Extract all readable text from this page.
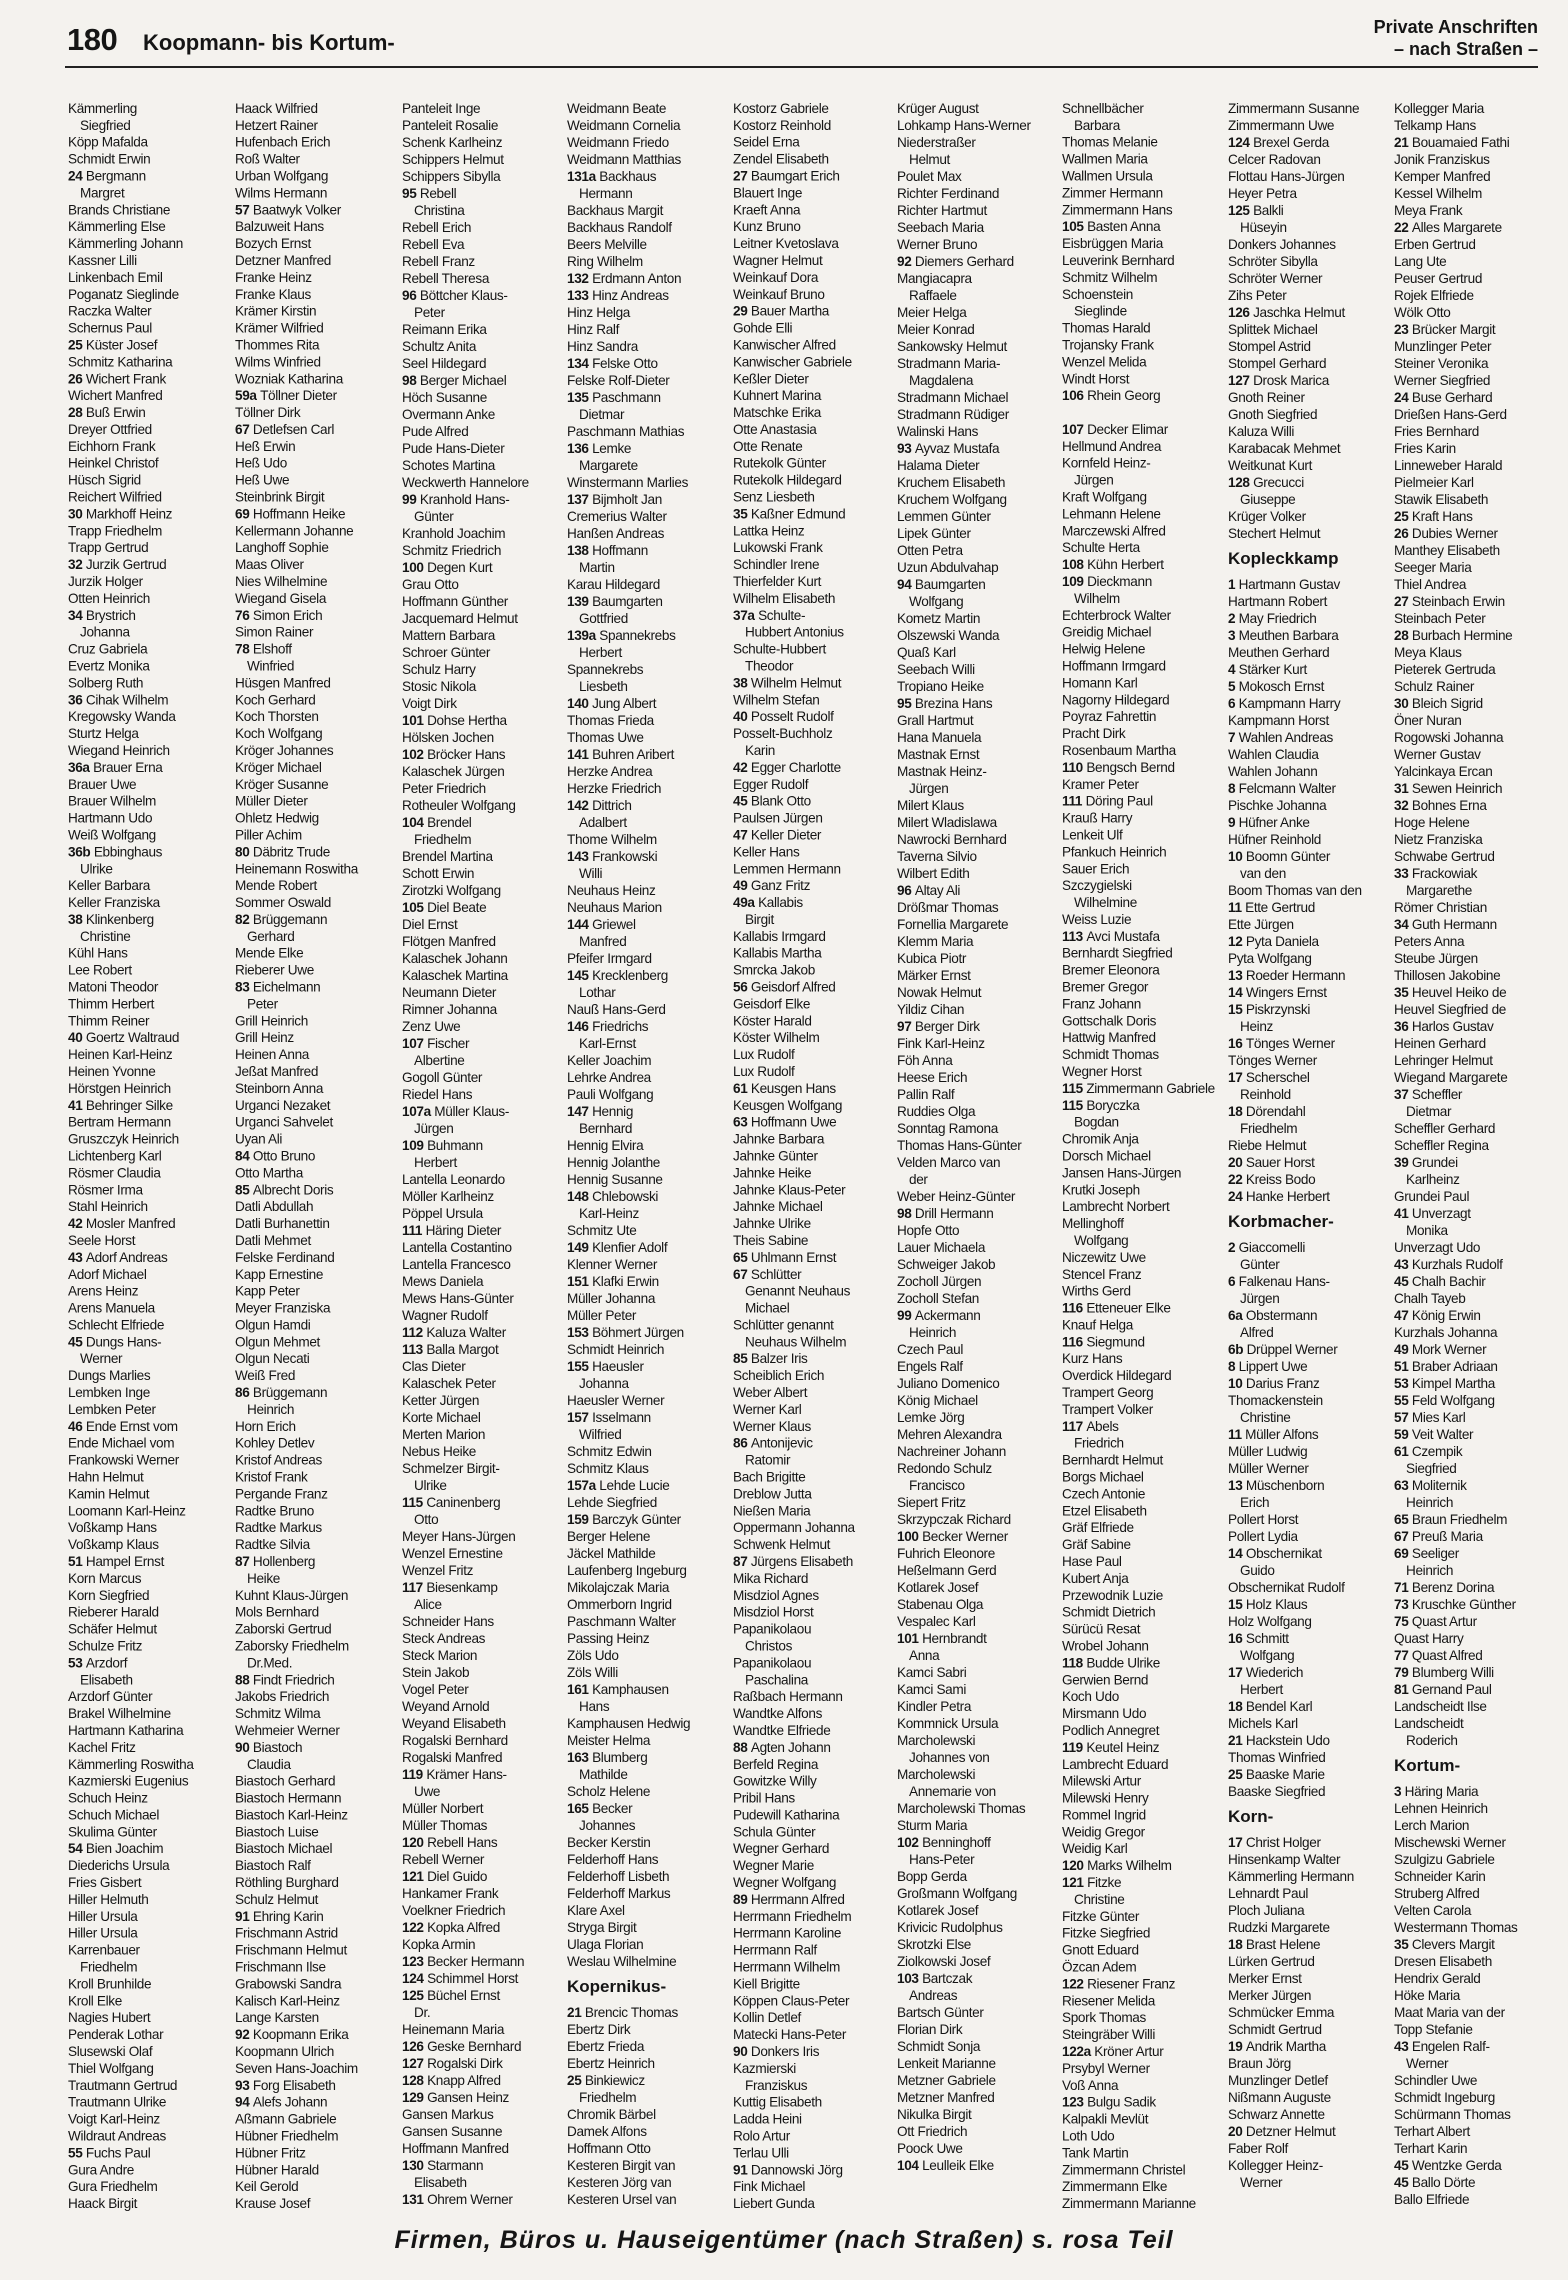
180 Koopmann- bis Kortum-
Private Anschriften
– nach Straßen –
Kämmerling
Siegfried
Köpp Mafalda
Schmidt Erwin
24 Bergmann
Margret
Brands Christiane
Kämmerling Else
Kämmerling Johann
Kassner Lilli
Linkenbach Emil
Poganatz Sieglinde
Raczka Walter
Schernus Paul
25 Küster Josef
Schmitz Katharina
26 Wichert Frank
Wichert Manfred
28 Buß Erwin
Dreyer Ottfried
Eichhorn Frank
Heinkel Christof
Hüsch Sigrid
Reichert Wilfried
30 Markhoff Heinz
Trapp Friedhelm
Trapp Gertrud
32 Jurzik Gertrud
Jurzik Holger
Otten Heinrich
34 Brystrich
Johanna
Cruz Gabriela
Evertz Monika
Solberg Ruth
36 Cihak Wilhelm
Kregowsky Wanda
Sturtz Helga
Wiegand Heinrich
36a Brauer Erna
Brauer Uwe
Brauer Wilhelm
Hartmann Udo
Weiß Wolfgang
36b Ebbinghaus
Ulrike
Keller Barbara
Keller Franziska
38 Klinkenberg
Christine
Kühl Hans
Lee Robert
Matoni Theodor
Thimm Herbert
Thimm Reiner
40 Goertz Waltraud
Heinen Karl-Heinz
Heinen Yvonne
Hörstgen Heinrich
41 Behringer Silke
Bertram Hermann
Gruszczyk Heinrich
Lichtenberg Karl
Rösmer Claudia
Rösmer Irma
Stahl Heinrich
42 Mosler Manfred
Seele Horst
43 Adorf Andreas
Adorf Michael
Arens Heinz
Arens Manuela
Schlecht Elfriede
45 Dungs Hans-
Werner
Dungs Marlies
Lembken Inge
Lembken Peter
46 Ende Ernst vom
Ende Michael vom
Frankowski Werner
Hahn Helmut
Kamin Helmut
Loomann Karl-Heinz
Voßkamp Hans
Voßkamp Klaus
51 Hampel Ernst
Korn Marcus
Korn Siegfried
Rieberer Harald
Schäfer Helmut
Schulze Fritz
53 Arzdorf
Elisabeth
Arzdorf Günter
Brakel Wilhelmine
Hartmann Katharina
Kachel Fritz
Kämmerling Roswitha
Kazmierski Eugenius
Schuch Heinz
Schuch Michael
Skulima Günter
54 Bien Joachim
Diederichs Ursula
Fries Gisbert
Hiller Helmuth
Hiller Ursula
Hiller Ursula
Karrenbauer
Friedhelm
Kroll Brunhilde
Kroll Elke
Nagies Hubert
Penderak Lothar
Slusewski Olaf
Thiel Wolfgang
Trautmann Gertrud
Trautmann Ulrike
Voigt Karl-Heinz
Wildraut Andreas
55 Fuchs Paul
Gura Andre
Gura Friedhelm
Haack Birgit
Haack Wilfried
Hetzert Rainer
Hufenbach Erich
Roß Walter
Urban Wolfgang
Wilms Hermann
57 Baatwyk Volker
Balzuweit Hans
Bozych Ernst
Detzner Manfred
Franke Heinz
Franke Klaus
Krämer Kirstin
Krämer Wilfried
Thommes Rita
Wilms Winfried
Wozniak Katharina
59a Töllner Dieter
Töllner Dirk
67 Detlefsen Carl
Heß Erwin
Heß Udo
Heß Uwe
Steinbrink Birgit
69 Hoffmann Heike
Kellermann Johanne
Langhoff Sophie
Maas Oliver
Nies Wilhelmine
Wiegand Gisela
76 Simon Erich
Simon Rainer
78 Elshoff
Winfried
Hüsgen Manfred
Koch Gerhard
Koch Thorsten
Koch Wolfgang
Kröger Johannes
Kröger Michael
Kröger Susanne
Müller Dieter
Ohletz Hedwig
Piller Achim
80 Däbritz Trude
Heinemann Roswitha
Mende Robert
Sommer Oswald
82 Brüggemann
Gerhard
Mende Elke
Rieberer Uwe
83 Eichelmann
Peter
Grill Heinrich
Grill Heinz
Heinen Anna
Jeßat Manfred
Steinborn Anna
Urganci Nezaket
Urganci Sahvelet
Uyan Ali
84 Otto Bruno
Otto Martha
85 Albrecht Doris
Datli Abdullah
Datli Burhanettin
Datli Mehmet
Felske Ferdinand
Kapp Ernestine
Kapp Peter
Meyer Franziska
Olgun Hamdi
Olgun Mehmet
Olgun Necati
Weiß Fred
86 Brüggemann
Heinrich
Horn Erich
Kohley Detlev
Kristof Andreas
Kristof Frank
Pergande Franz
Radtke Bruno
Radtke Markus
Radtke Silvia
87 Hollenberg
Heike
Kuhnt Klaus-Jürgen
Mols Bernhard
Zaborski Gertrud
Zaborsky Friedhelm
Dr.Med.
88 Findt Friedrich
Jakobs Friedrich
Schmitz Wilma
Wehmeier Werner
90 Biastoch
Claudia
Biastoch Gerhard
Biastoch Hermann
Biastoch Karl-Heinz
Biastoch Luise
Biastoch Michael
Biastoch Ralf
Röthling Burghard
Schulz Helmut
91 Ehring Karin
Frischmann Astrid
Frischmann Helmut
Frischmann Ilse
Grabowski Sandra
Kalisch Karl-Heinz
Lange Karsten
92 Koopmann Erika
Koopmann Ulrich
Seven Hans-Joachim
93 Forg Elisabeth
94 Alefs Johann
Aßmann Gabriele
Hübner Friedhelm
Hübner Fritz
Hübner Harald
Keil Gerold
Krause Josef
Panteleit Inge
Panteleit Rosalie
Schenk Karlheinz
Schippers Helmut
Schippers Sibylla
95 Rebell
Christina
Rebell Erich
Rebell Eva
Rebell Franz
Rebell Theresa
96 Böttcher Klaus-
Peter
Reimann Erika
Schultz Anita
Seel Hildegard
98 Berger Michael
Höch Susanne
Overmann Anke
Pude Alfred
Pude Hans-Dieter
Schotes Martina
Weckwerth Hannelore
99 Kranhold Hans-
Günter
Kranhold Joachim
Schmitz Friedrich
100 Degen Kurt
Grau Otto
Hoffmann Günther
Jacquemard Helmut
Mattern Barbara
Schroer Günter
Schulz Harry
Stosic Nikola
Voigt Dirk
101 Dohse Hertha
Hölsken Jochen
102 Bröcker Hans
Kalaschek Jürgen
Peter Friedrich
Rotheuler Wolfgang
104 Brendel
Friedhelm
Brendel Martina
Schott Erwin
Zirotzki Wolfgang
105 Diel Beate
Diel Ernst
Flötgen Manfred
Kalaschek Johann
Kalaschek Martina
Neumann Dieter
Rimner Johanna
Zenz Uwe
107 Fischer
Albertine
Gogoll Günter
Riedel Hans
107a Müller Klaus-
Jürgen
109 Buhmann
Herbert
Lantella Leonardo
Möller Karlheinz
Pöppel Ursula
111 Häring Dieter
Lantella Costantino
Lantella Francesco
Mews Daniela
Mews Hans-Günter
Wagner Rudolf
112 Kaluza Walter
113 Balla Margot
Clas Dieter
Kalaschek Peter
Ketter Jürgen
Korte Michael
Merten Marion
Nebus Heike
Schmelzer Birgit-
Ulrike
115 Caninenberg
Otto
Meyer Hans-Jürgen
Wenzel Ernestine
Wenzel Fritz
117 Biesenkamp
Alice
Schneider Hans
Steck Andreas
Steck Marion
Stein Jakob
Vogel Peter
Weyand Arnold
Weyand Elisabeth
Rogalski Bernhard
Rogalski Manfred
119 Krämer Hans-
Uwe
Müller Norbert
Müller Thomas
120 Rebell Hans
Rebell Werner
121 Diel Guido
Hankamer Frank
Voelkner Friedrich
122 Kopka Alfred
Kopka Armin
123 Becker Hermann
124 Schimmel Horst
125 Büchel Ernst
Dr.
Heinemann Maria
126 Geske Bernhard
127 Rogalski Dirk
128 Knapp Alfred
129 Gansen Heinz
Gansen Markus
Gansen Susanne
Hoffmann Manfred
130 Starmann
Elisabeth
131 Ohrem Werner
Weidmann Beate
Weidmann Cornelia
Weidmann Friedo
Weidmann Matthias
131a Backhaus
Hermann
Backhaus Margit
Backhaus Randolf
Beers Melville
Ring Wilhelm
132 Erdmann Anton
133 Hinz Andreas
Hinz Helga
Hinz Ralf
Hinz Sandra
134 Felske Otto
Felske Rolf-Dieter
135 Paschmann
Dietmar
Paschmann Mathias
136 Lemke
Margarete
Winstermann Marlies
137 Bijmholt Jan
Cremerius Walter
Hanßen Andreas
138 Hoffmann
Martin
Karau Hildegard
139 Baumgarten
Gottfried
139a Spannekrebs
Herbert
Spannekrebs
Liesbeth
140 Jung Albert
Thomas Frieda
Thomas Uwe
141 Buhren Aribert
Herzke Andrea
Herzke Friedrich
142 Dittrich
Adalbert
Thome Wilhelm
143 Frankowski
Willi
Neuhaus Heinz
Neuhaus Marion
144 Griewel
Manfred
Pfeifer Irmgard
145 Krecklenberg
Lothar
Nauß Hans-Gerd
146 Friedrichs
Karl-Ernst
Keller Joachim
Lehrke Andrea
Pauli Wolfgang
147 Hennig
Bernhard
Hennig Elvira
Hennig Jolanthe
Hennig Susanne
148 Chlebowski
Karl-Heinz
Schmitz Ute
149 Klenfier Adolf
Klenner Werner
151 Klafki Erwin
Müller Johanna
Müller Peter
153 Böhmert Jürgen
Schmidt Heinrich
155 Haeusler
Johanna
Haeusler Werner
157 Isselmann
Wilfried
Schmitz Edwin
Schmitz Klaus
157a Lehde Lucie
Lehde Siegfried
159 Barczyk Günter
Berger Helene
Jäckel Mathilde
Laufenberg Ingeburg
Mikolajczak Maria
Ommerborn Ingrid
Paschmann Walter
Passing Heinz
Zöls Udo
Zöls Willi
161 Kamphausen
Hans
Kamphausen Hedwig
Meister Helma
163 Blumberg
Mathilde
Scholz Helene
165 Becker
Johannes
Becker Kerstin
Felderhoff Hans
Felderhoff Lisbeth
Felderhoff Markus
Klare Axel
Stryga Birgit
Ulaga Florian
Weslau Wilhelmine
Kopernikus-
21 Brencic Thomas
Ebertz Dirk
Ebertz Frieda
Ebertz Heinrich
25 Binkiewicz
Friedhelm
Chromik Bärbel
Damek Alfons
Hoffmann Otto
Kesteren Birgit van
Kesteren Jörg van
Kesteren Ursel van
Kostorz Gabriele
Kostorz Reinhold
Seidel Erna
Zendel Elisabeth
27 Baumgart Erich
Blauert Inge
Kraeft Anna
Kunz Bruno
Leitner Kvetoslava
Wagner Helmut
Weinkauf Dora
Weinkauf Bruno
29 Bauer Martha
Gohde Elli
Kanwischer Alfred
Kanwischer Gabriele
Keßler Dieter
Kuhnert Marina
Matschke Erika
Otte Anastasia
Otte Renate
Rutekolk Günter
Rutekolk Hildegard
Senz Liesbeth
35 Kaßner Edmund
Lattka Heinz
Lukowski Frank
Schindler Irene
Thierfelder Kurt
Wilhelm Elisabeth
37a Schulte-
Hubbert Antonius
Schulte-Hubbert
Theodor
38 Wilhelm Helmut
Wilhelm Stefan
40 Posselt Rudolf
Posselt-Buchholz
Karin
42 Egger Charlotte
Egger Rudolf
45 Blank Otto
Paulsen Jürgen
47 Keller Dieter
Keller Hans
Lemmen Hermann
49 Ganz Fritz
49a Kallabis
Birgit
Kallabis Irmgard
Kallabis Martha
Smrcka Jakob
56 Geisdorf Alfred
Geisdorf Elke
Köster Harald
Köster Wilhelm
Lux Rudolf
Lux Rudolf
61 Keusgen Hans
Keusgen Wolfgang
63 Hoffmann Uwe
Jahnke Barbara
Jahnke Günter
Jahnke Heike
Jahnke Klaus-Peter
Jahnke Michael
Jahnke Ulrike
Theis Sabine
65 Uhlmann Ernst
67 Schlütter
Genannt Neuhaus
Michael
Schlütter genannt
Neuhaus Wilhelm
85 Balzer Iris
Scheiblich Erich
Weber Albert
Werner Karl
Werner Klaus
86 Antonijevic
Ratomir
Bach Brigitte
Dreblow Jutta
Nießen Maria
Oppermann Johanna
Schwenk Helmut
87 Jürgens Elisabeth
Mika Richard
Misdziol Agnes
Misdziol Horst
Papanikolaou
Christos
Papanikolaou
Paschalina
Raßbach Hermann
Wandtke Alfons
Wandtke Elfriede
88 Agten Johann
Berfeld Regina
Gowitzke Willy
Pribil Hans
Pudewill Katharina
Schula Günter
Wegner Gerhard
Wegner Marie
Wegner Wolfgang
89 Herrmann Alfred
Herrmann Friedhelm
Herrmann Karoline
Herrmann Ralf
Herrmann Wilhelm
Kiell Brigitte
Köppen Claus-Peter
Kollin Detlef
Matecki Hans-Peter
90 Donkers Iris
Kazmierski
Franziskus
Kuttig Elisabeth
Ladda Heini
Rolo Artur
Terlau Ulli
91 Dannowski Jörg
Fink Michael
Liebert Gunda
Krüger August
Lohkamp Hans-Werner
Niederstraßer
Helmut
Poulet Max
Richter Ferdinand
Richter Hartmut
Seebach Maria
Werner Bruno
92 Diemers Gerhard
Mangiacapra
Raffaele
Meier Helga
Meier Konrad
Sankowsky Helmut
Stradmann Maria-
Magdalena
Stradmann Michael
Stradmann Rüdiger
Walinski Hans
93 Ayvaz Mustafa
Halama Dieter
Kruchem Elisabeth
Kruchem Wolfgang
Lemmen Günter
Lipek Günter
Otten Petra
Uzun Abdulvahap
94 Baumgarten
Wolfgang
Kometz Martin
Olszewski Wanda
Quaß Karl
Seebach Willi
Tropiano Heike
95 Brezina Hans
Grall Hartmut
Hana Manuela
Mastnak Ernst
Mastnak Heinz-
Jürgen
Milert Klaus
Milert Wladislawa
Nawrocki Bernhard
Taverna Silvio
Wilbert Edith
96 Altay Ali
Drößmar Thomas
Fornellia Margarete
Klemm Maria
Kubica Piotr
Märker Ernst
Nowak Helmut
Yildiz Cihan
97 Berger Dirk
Fink Karl-Heinz
Föh Anna
Heese Erich
Pallin Ralf
Ruddies Olga
Sonntag Ramona
Thomas Hans-Günter
Velden Marco van
der
Weber Heinz-Günter
98 Drill Hermann
Hopfe Otto
Lauer Michaela
Schweiger Jakob
Zocholl Jürgen
Zocholl Stefan
99 Ackermann
Heinrich
Czech Paul
Engels Ralf
Juliano Domenico
König Michael
Lemke Jörg
Mehren Alexandra
Nachreiner Johann
Redondo Schulz
Francisco
Siepert Fritz
Skrzypczak Richard
100 Becker Werner
Fuhrich Eleonore
Heßelmann Gerd
Kotlarek Josef
Stabenau Olga
Vespalec Karl
101 Hernbrandt
Anna
Kamci Sabri
Kamci Sami
Kindler Petra
Kommnick Ursula
Marcholewski
Johannes von
Marcholewski
Annemarie von
Marcholewski Thomas
Sturm Maria
102 Benninghoff
Hans-Peter
Bopp Gerda
Großmann Wolfgang
Kotlarek Josef
Krivicic Rudolphus
Skrotzki Else
Ziolkowski Josef
103 Bartczak
Andreas
Bartsch Günter
Florian Dirk
Schmidt Sonja
Lenkeit Marianne
Metzner Gabriele
Metzner Manfred
Nikulka Birgit
Ott Friedrich
Poock Uwe
104 Leulleik Elke
Schnellbächer
Barbara
Thomas Melanie
Wallmen Maria
Wallmen Ursula
Zimmer Hermann
Zimmermann Hans
105 Basten Anna
Eisbrüggen Maria
Leuverink Bernhard
Schmitz Wilhelm
Schoenstein
Sieglinde
Thomas Harald
Trojansky Frank
Wenzel Melida
Windt Horst
106 Rhein Georg
107 Decker Elimar
Hellmund Andrea
Kornfeld Heinz-
Jürgen
Kraft Wolfgang
Lehmann Helene
Marczewski Alfred
Schulte Herta
108 Kühn Herbert
109 Dieckmann
Wilhelm
Echterbrock Walter
Greidig Michael
Helwig Helene
Hoffmann Irmgard
Homann Karl
Nagorny Hildegard
Poyraz Fahrettin
Pracht Dirk
Rosenbaum Martha
110 Bengsch Bernd
Kramer Peter
111 Döring Paul
Krauß Harry
Lenkeit Ulf
Pfankuch Heinrich
Sauer Erich
Szczygielski
Wilhelmine
Weiss Luzie
113 Avci Mustafa
Bernhardt Siegfried
Bremer Eleonora
Bremer Gregor
Franz Johann
Gottschalk Doris
Hattwig Manfred
Schmidt Thomas
Wegner Horst
115 Zimmermann Gabriele
115 Boryczka
Bogdan
Chromik Anja
Dorsch Michael
Jansen Hans-Jürgen
Krutki Joseph
Lambrecht Norbert
Mellinghoff
Wolfgang
Niczewitz Uwe
Stencel Franz
Wirths Gerd
116 Etteneuer Elke
Knauf Helga
116 Siegmund
Kurz Hans
Overdick Hildegard
Trampert Georg
Trampert Volker
117 Abels
Friedrich
Bernhardt Helmut
Borgs Michael
Czech Antonie
Etzel Elisabeth
Gräf Elfriede
Gräf Sabine
Hase Paul
Kubert Anja
Przewodnik Luzie
Schmidt Dietrich
Sürücü Resat
Wrobel Johann
118 Budde Ulrike
Gerwien Bernd
Koch Udo
Mirsmann Udo
Podlich Annegret
119 Keutel Heinz
Lambrecht Eduard
Milewski Artur
Milewski Henry
Rommel Ingrid
Weidig Gregor
Weidig Karl
120 Marks Wilhelm
121 Fitzke
Christine
Fitzke Günter
Fitzke Siegfried
Gnott Eduard
Özcan Adem
122 Riesener Franz
Riesener Melida
Spork Thomas
Steingräber Willi
122a Kröner Artur
Prsybyl Werner
Voß Anna
123 Bulgu Sadik
Kalpakli Mevlüt
Loth Udo
Tank Martin
Zimmermann Christel
Zimmermann Elke
Zimmermann Marianne
Zimmermann Susanne
Zimmermann Uwe
124 Brexel Gerda
Celcer Radovan
Flottau Hans-Jürgen
Heyer Petra
125 Balkli
Hüseyin
Donkers Johannes
Schröter Sibylla
Schröter Werner
Zihs Peter
126 Jaschka Helmut
Splittek Michael
Stompel Astrid
Stompel Gerhard
127 Drosk Marica
Gnoth Reiner
Gnoth Siegfried
Kaluza Willi
Karabacak Mehmet
Weitkunat Kurt
128 Grecucci
Giuseppe
Krüger Volker
Stechert Helmut
Kopleckkamp
1 Hartmann Gustav
Hartmann Robert
2 May Friedrich
3 Meuthen Barbara
Meuthen Gerhard
4 Stärker Kurt
5 Mokosch Ernst
6 Kampmann Harry
Kampmann Horst
7 Wahlen Andreas
Wahlen Claudia
Wahlen Johann
8 Felcmann Walter
Pischke Johanna
9 Hüfner Anke
Hüfner Reinhold
10 Boomn Günter
van den
Boom Thomas van den
11 Ette Gertrud
Ette Jürgen
12 Pyta Daniela
Pyta Wolfgang
13 Roeder Hermann
14 Wingers Ernst
15 Piskrzynski
Heinz
16 Tönges Werner
Tönges Werner
17 Scherschel
Reinhold
18 Dörendahl
Friedhelm
Riebe Helmut
20 Sauer Horst
22 Kreiss Bodo
24 Hanke Herbert
Korbmacher-
2 Giaccomelli
Günter
6 Falkenau Hans-
Jürgen
6a Obstermann
Alfred
6b Drüppel Werner
8 Lippert Uwe
10 Darius Franz
Thomackenstein
Christine
11 Müller Alfons
Müller Ludwig
Müller Werner
13 Müschenborn
Erich
Pollert Horst
Pollert Lydia
14 Obschernikat
Guido
Obschernikat Rudolf
15 Holz Klaus
Holz Wolfgang
16 Schmitt
Wolfgang
17 Wiederich
Herbert
18 Bendel Karl
Michels Karl
21 Hackstein Udo
Thomas Winfried
25 Baaske Marie
Baaske Siegfried
Korn-
17 Christ Holger
Hinsenkamp Walter
Kämmerling Hermann
Lehnardt Paul
Ploch Juliana
Rudzki Margarete
18 Brast Helene
Lürken Gertrud
Merker Ernst
Merker Jürgen
Schmücker Emma
Schmidt Gertrud
19 Andrik Martha
Braun Jörg
Munzlinger Detlef
Nißmann Auguste
Schwarz Annette
20 Detzner Helmut
Faber Rolf
Kollegger Heinz-
Werner
Kollegger Maria
Telkamp Hans
21 Bouamaied Fathi
Jonik Franziskus
Kemper Manfred
Kessel Wilhelm
Meya Frank
22 Alles Margarete
Erben Gertrud
Lang Ute
Peuser Gertrud
Rojek Elfriede
Wölk Otto
23 Brücker Margit
Munzlinger Peter
Steiner Veronika
Werner Siegfried
24 Buse Gerhard
Drießen Hans-Gerd
Fries Bernhard
Fries Karin
Linneweber Harald
Pielmeier Karl
Stawik Elisabeth
25 Kraft Hans
26 Dubies Werner
Manthey Elisabeth
Seeger Maria
Thiel Andrea
27 Steinbach Erwin
Steinbach Peter
28 Burbach Hermine
Meya Klaus
Pieterek Gertruda
Schulz Rainer
30 Bleich Sigrid
Öner Nuran
Rogowski Johanna
Werner Gustav
Yalcinkaya Ercan
31 Sewen Heinrich
32 Bohnes Erna
Hoge Helene
Nietz Franziska
Schwabe Gertrud
33 Frackowiak
Margarethe
Römer Christian
34 Guth Hermann
Peters Anna
Steube Jürgen
Thillosen Jakobine
35 Heuvel Heiko de
Heuvel Siegfried de
36 Harlos Gustav
Heinen Gerhard
Lehringer Helmut
Wiegand Margarete
37 Scheffler
Dietmar
Scheffler Gerhard
Scheffler Regina
39 Grundei
Karlheinz
Grundei Paul
41 Unverzagt
Monika
Unverzagt Udo
43 Kurzhals Rudolf
45 Chalh Bachir
Chalh Tayeb
47 König Erwin
Kurzhals Johanna
49 Mork Werner
51 Braber Adriaan
53 Kimpel Martha
55 Feld Wolfgang
57 Mies Karl
59 Veit Walter
61 Czempik
Siegfried
63 Moliternik
Heinrich
65 Braun Friedhelm
67 Preuß Maria
69 Seeliger
Heinrich
71 Berenz Dorina
73 Kruschke Günther
75 Quast Artur
Quast Harry
77 Quast Alfred
79 Blumberg Willi
81 Gernand Paul
Landscheidt Ilse
Landscheidt
Roderich
Kortum-
3 Häring Maria
Lehnen Heinrich
Lerch Marion
Mischewski Werner
Szulgizu Gabriele
Schneider Karin
Struberg Alfred
Velten Carola
Westermann Thomas
35 Clevers Margit
Dresen Elisabeth
Hendrix Gerald
Höke Maria
Maat Maria van der
Topp Stefanie
43 Engelen Ralf-
Werner
Schindler Uwe
Schmidt Ingeburg
Schürmann Thomas
Terhart Albert
Terhart Karin
45 Wentzke Gerda
45 Ballo Dörte
Ballo Elfriede
Firmen, Büros u. Hauseigentümer (nach Straßen) s. rosa Teil
